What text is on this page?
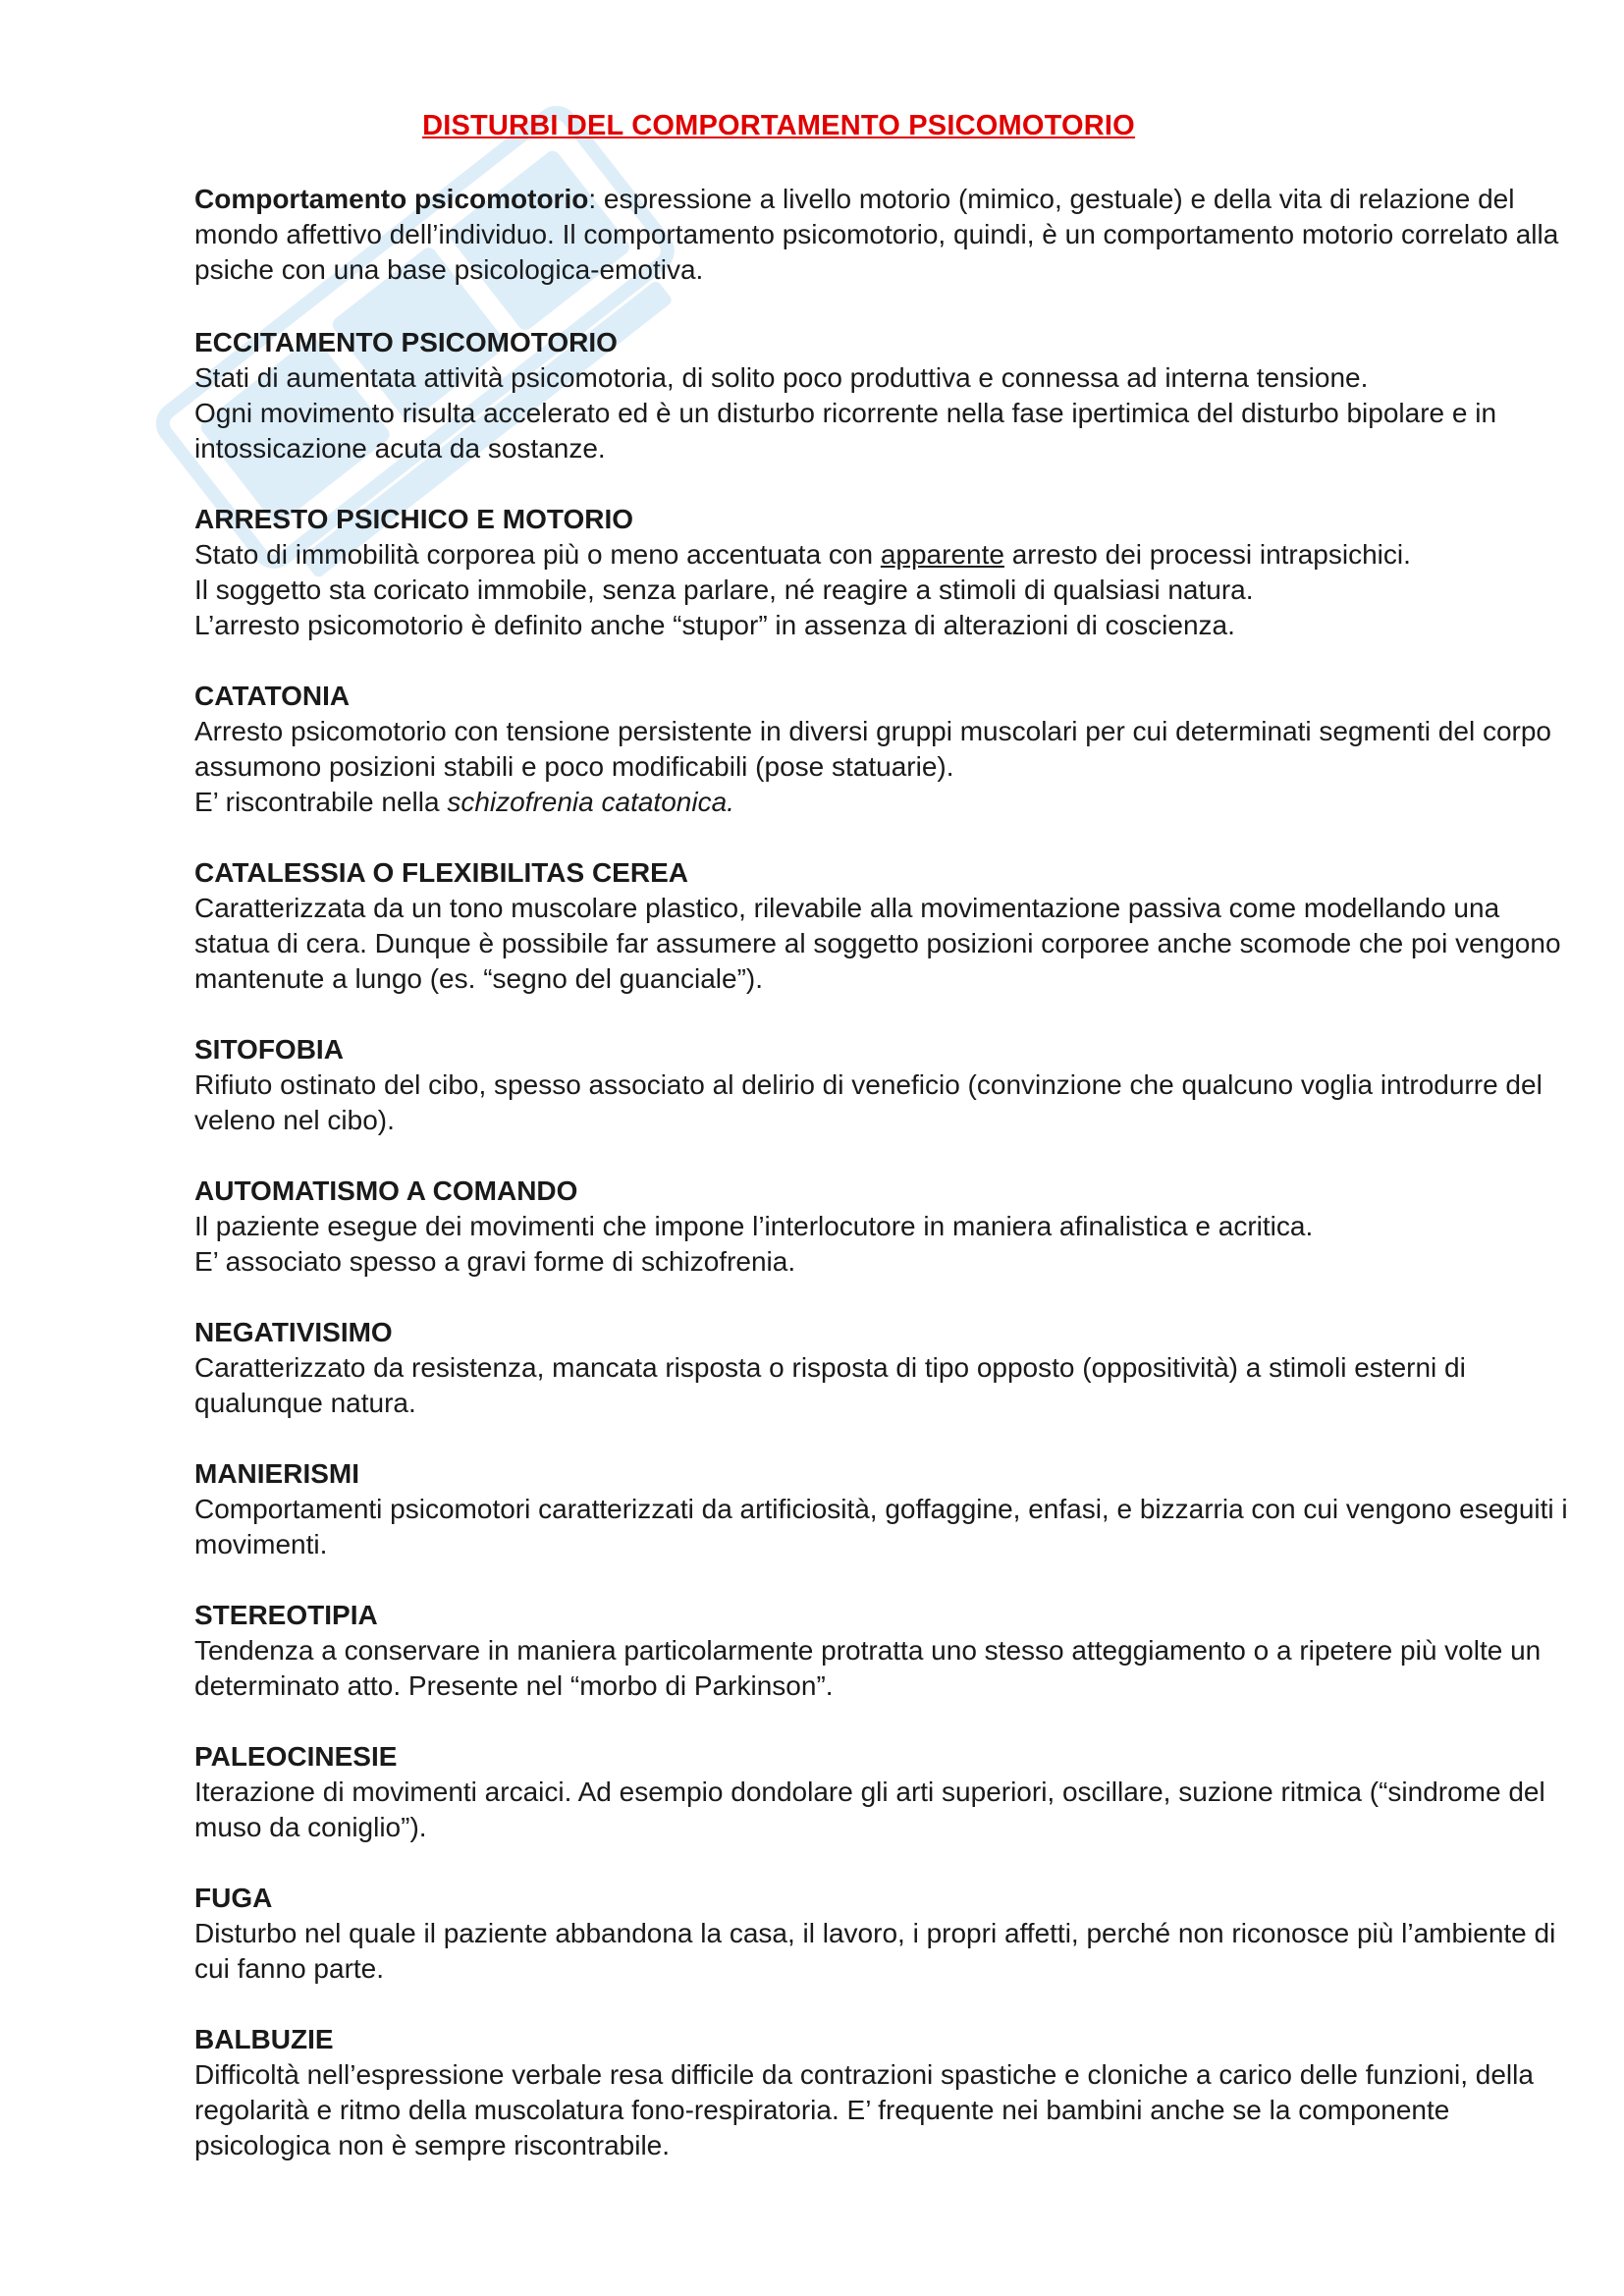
DISTURBI DEL COMPORTAMENTO PSICOMOTORIO

Comportamento psicomotorio: espressione a livello motorio (mimico, gestuale) e della vita di relazione del mondo affettivo dell’individuo. Il comportamento psicomotorio, quindi, è un comportamento motorio correlato alla psiche con una base psicologica-emotiva.

ECCITAMENTO PSICOMOTORIO

Stati di aumentata attività psicomotoria, di solito poco produttiva e connessa ad interna tensione.

Ogni movimento risulta accelerato ed è un disturbo ricorrente nella fase ipertimica del disturbo bipolare e in intossicazione acuta da sostanze.

ARRESTO PSICHICO E MOTORIO

Stato di immobilità corporea più o meno accentuata con apparente arresto dei processi intrapsichici.

Il soggetto sta coricato immobile, senza parlare, né reagire a stimoli di qualsiasi natura.

L’arresto psicomotorio è definito anche “stupor” in assenza di alterazioni di coscienza.

CATATONIA

Arresto psicomotorio con tensione persistente in diversi gruppi muscolari per cui determinati segmenti del corpo assumono posizioni stabili e poco modificabili (pose statuarie).

E’ riscontrabile nella schizofrenia catatonica.

CATALESSIA O FLEXIBILITAS CEREA

Caratterizzata da un tono muscolare plastico, rilevabile alla movimentazione passiva come modellando una statua di cera. Dunque è possibile far assumere al soggetto posizioni corporee anche scomode che poi vengono mantenute a lungo (es. “segno del guanciale”).

SITOFOBIA

Rifiuto ostinato del cibo, spesso associato al delirio di veneficio (convinzione che qualcuno voglia introdurre del veleno nel cibo).

AUTOMATISMO A COMANDO

Il paziente esegue dei movimenti che impone l’interlocutore in maniera afinalistica e acritica.

E’ associato spesso a gravi forme di schizofrenia.

NEGATIVISIMO

Caratterizzato da resistenza, mancata risposta o risposta di tipo opposto (oppositività) a stimoli esterni di qualunque natura.

MANIERISMI

Comportamenti psicomotori caratterizzati da artificiosità, goffaggine, enfasi, e bizzarria con cui vengono eseguiti i movimenti.

STEREOTIPIA

Tendenza a conservare in maniera particolarmente protratta uno stesso atteggiamento o a ripetere più volte un determinato atto. Presente nel “morbo di Parkinson”.

PALEOCINESIE

Iterazione di movimenti arcaici. Ad esempio dondolare gli arti superiori, oscillare, suzione ritmica (“sindrome del muso da coniglio”).

FUGA

Disturbo nel quale il paziente abbandona la casa, il lavoro, i propri affetti, perché non riconosce più l’ambiente di cui fanno parte.

BALBUZIE

Difficoltà nell’espressione verbale resa difficile da contrazioni spastiche e cloniche a carico delle funzioni, della regolarità e ritmo della muscolatura fono-respiratoria. E’ frequente nei bambini anche se la componente psicologica non è sempre riscontrabile.
